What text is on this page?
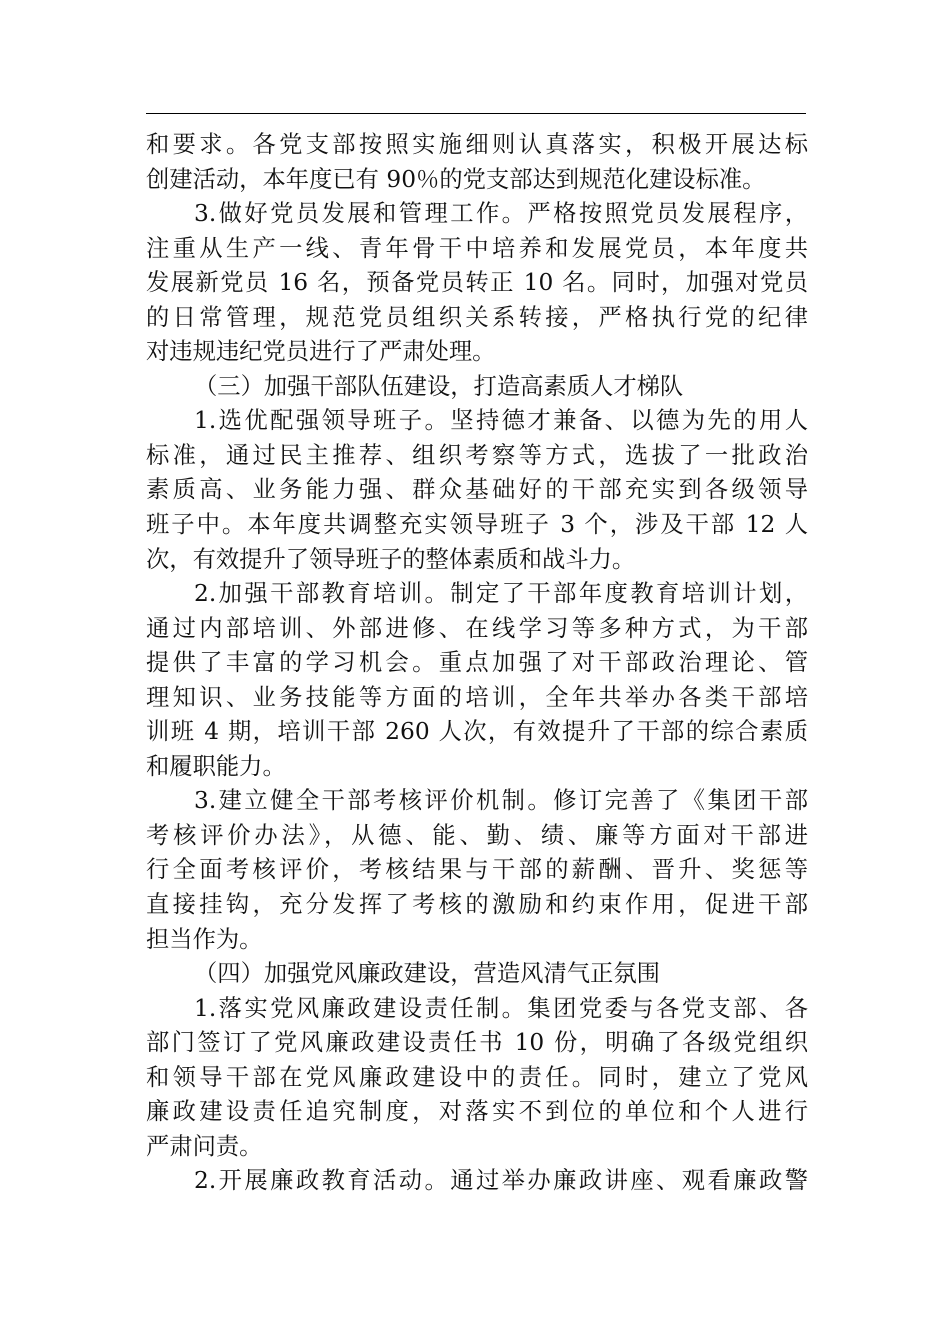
和要求。各党支部按照实施细则认真落实，积极开展达标
创建活动，本年度已有 90％的党支部达到规范化建设标准。
3.做好党员发展和管理工作。严格按照党员发展程序，
注重从生产一线、青年骨干中培养和发展党员，本年度共
发展新党员 16 名，预备党员转正 10 名。同时，加强对党员
的日常管理，规范党员组织关系转接，严格执行党的纪律
对违规违纪党员进行了严肃处理。
（三）加强干部队伍建设，打造高素质人才梯队
1.选优配强领导班子。坚持德才兼备、以德为先的用人
标准，通过民主推荐、组织考察等方式，选拔了一批政治
素质高、业务能力强、群众基础好的干部充实到各级领导
班子中。本年度共调整充实领导班子 3 个，涉及干部 12 人
次，有效提升了领导班子的整体素质和战斗力。
2.加强干部教育培训。制定了干部年度教育培训计划，
通过内部培训、外部进修、在线学习等多种方式，为干部
提供了丰富的学习机会。重点加强了对干部政治理论、管
理知识、业务技能等方面的培训，全年共举办各类干部培
训班 4 期，培训干部 260 人次，有效提升了干部的综合素质
和履职能力。
3.建立健全干部考核评价机制。修订完善了《集团干部
考核评价办法》，从德、能、勤、绩、廉等方面对干部进
行全面考核评价，考核结果与干部的薪酬、晋升、奖惩等
直接挂钩，充分发挥了考核的激励和约束作用，促进干部
担当作为。
（四）加强党风廉政建设，营造风清气正氛围
1.落实党风廉政建设责任制。集团党委与各党支部、各
部门签订了党风廉政建设责任书 10 份，明确了各级党组织
和领导干部在党风廉政建设中的责任。同时，建立了党风
廉政建设责任追究制度，对落实不到位的单位和个人进行
严肃问责。
2.开展廉政教育活动。通过举办廉政讲座、观看廉政警
